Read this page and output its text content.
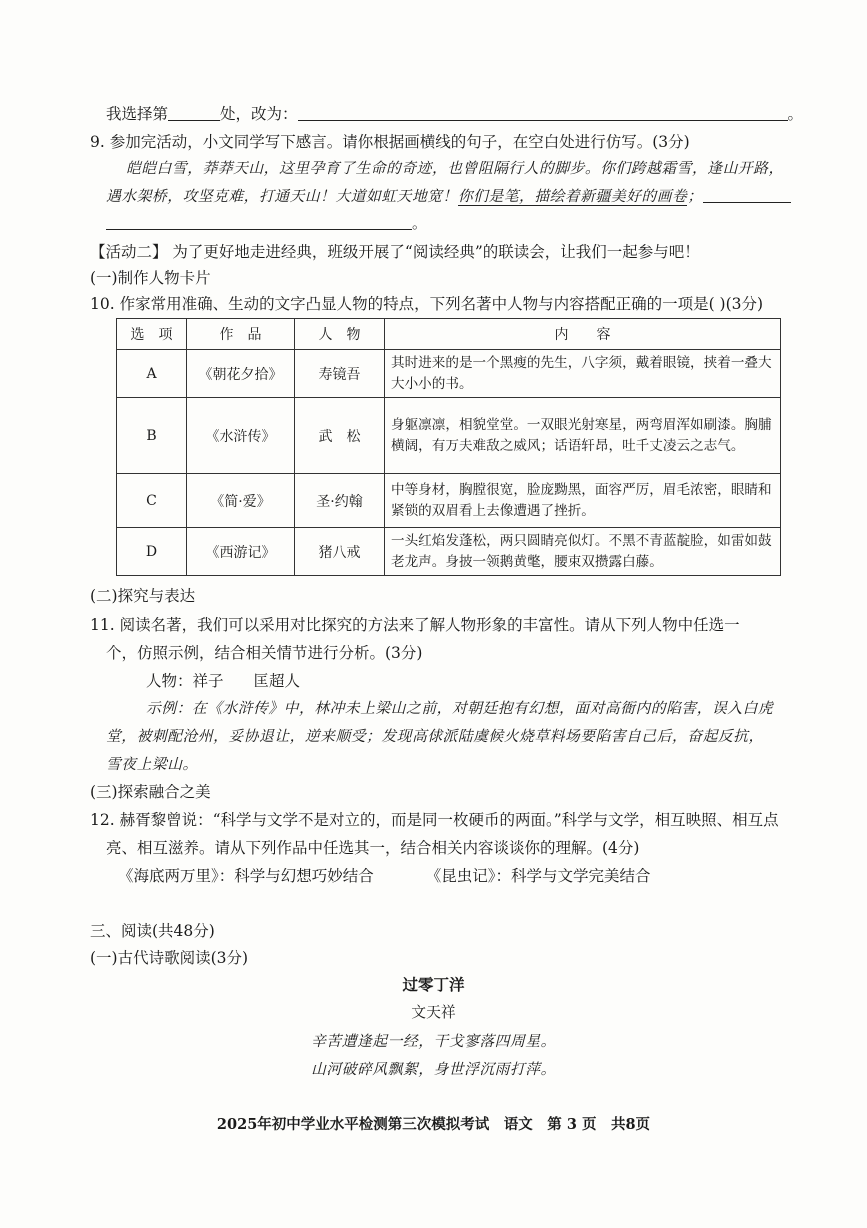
我选择第	处，改为：	。
9. 参加完活动，小文同学写下感言。请你根据画横线的句子，在空白处进行仿写。(3分)
皑皑白雪，莽莽天山，这里孕育了生命的奇迹，也曾阻隔行人的脚步。你们跨越霜雪，逢山开路，
遇水架桥，攻坚克难，打通天山！大道如虹天地宽！你们是笔，描绘着新疆美好的画卷；
。
【活动二】 为了更好地走进经典，班级开展了“阅读经典”的联读会，让我们一起参与吧！
(一)制作人物卡片
10. 作家常用准确、生动的文字凸显人物的特点，下列名著中人物与内容搭配正确的一项是( )(3分)
选　项	作　品	人　物	内　　容
A	《朝花夕拾》	寿镜吾	其时进来的是一个黑瘦的先生，八字须，戴着眼镜，挟着一叠大大小小的书。
B	《水浒传》	武　松	身躯凛凛，相貌堂堂。一双眼光射寒星，两弯眉浑如刷漆。胸脯横阔，有万夫难敌之威风；话语轩昂，吐千丈凌云之志气。
C	《简·爱》	圣·约翰	中等身材，胸膛很宽，脸庞黝黑，面容严厉，眉毛浓密，眼睛和紧锁的双眉看上去像遭遇了挫折。
D	《西游记》	猪八戒	一头红焰发蓬松，两只圆睛亮似灯。不黑不青蓝靛脸，如雷如鼓老龙声。身披一领鹅黄氅，腰束双攒露白藤。
(二)探究与表达
11. 阅读名著，我们可以采用对比探究的方法来了解人物形象的丰富性。请从下列人物中任选一
个，仿照示例，结合相关情节进行分析。(3分)
人物：祥子 匡超人
示例：在《水浒传》中，林冲未上梁山之前，对朝廷抱有幻想，面对高衙内的陷害，误入白虎
堂，被刺配沧州，妥协退让，逆来顺受；发现高俅派陆虞候火烧草料场要陷害自己后，奋起反抗，
雪夜上梁山。
(三)探索融合之美
12. 赫胥黎曾说：“科学与文学不是对立的，而是同一枚硬币的两面。”科学与文学，相互映照、相互点
亮、相互滋养。请从下列作品中任选其一，结合相关内容谈谈你的理解。(4分)
《海底两万里》：科学与幻想巧妙结合	《昆虫记》：科学与文学完美结合
三、阅读(共48分)
(一)古代诗歌阅读(3分)
过零丁洋
文天祥
辛苦遭逢起一经，干戈寥落四周星。
山河破碎风飘絮，身世浮沉雨打萍。
2025年初中学业水平检测第三次模拟考试　语文　第 3 页　共8页
